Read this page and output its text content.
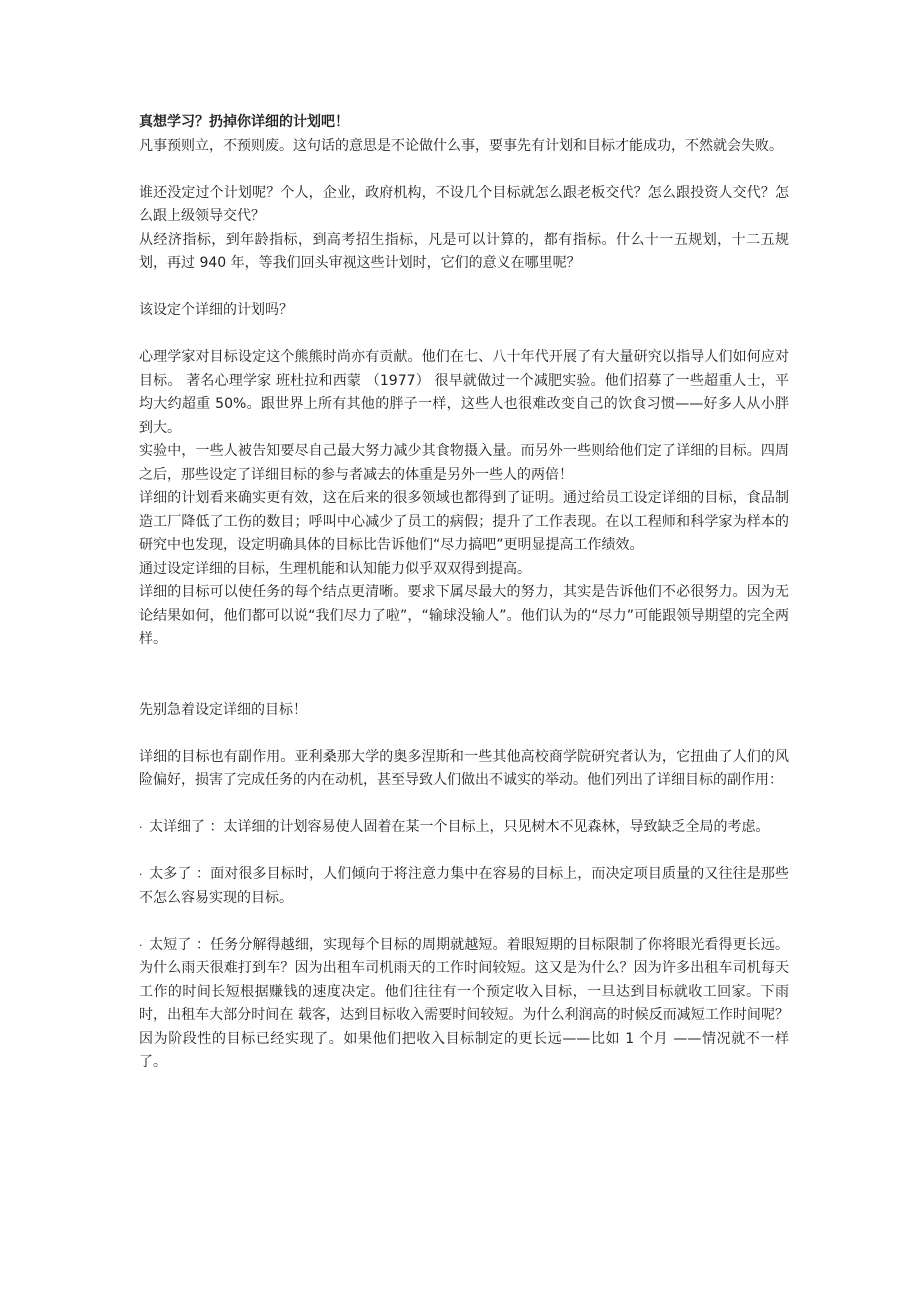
真想学习？扔掉你详细的计划吧！

凡事预则立，不预则废。这句话的意思是不论做什么事，要事先有计划和目标才能成功，不然就会失败。

谁还没定过个计划呢？个人，企业，政府机构，不设几个目标就怎么跟老板交代？怎么跟投资人交代？怎么跟上级领导交代？

从经济指标，到年龄指标，到高考招生指标，凡是可以计算的，都有指标。什么十一五规划，十二五规划，再过 940 年，等我们回头审视这些计划时，它们的意义在哪里呢？

该设定个详细的计划吗？

心理学家对目标设定这个熊熊时尚亦有贡献。他们在七、八十年代开展了有大量研究以指导人们如何应对目标。 著名心理学家 班杜拉和西蒙 （1977） 很早就做过一个减肥实验。他们招募了一些超重人士，平均大约超重 50%。跟世界上所有其他的胖子一样，这些人也很难改变自己的饮食习惯——好多人从小胖到大。

实验中，一些人被告知要尽自己最大努力减少其食物摄入量。而另外一些则给他们定了详细的目标。四周之后，那些设定了详细目标的参与者减去的体重是另外一些人的两倍！

详细的计划看来确实更有效，这在后来的很多领域也都得到了证明。通过给员工设定详细的目标，食品制造工厂降低了工伤的数目；呼叫中心减少了员工的病假；提升了工作表现。在以工程师和科学家为样本的研究中也发现，设定明确具体的目标比告诉他们“尽力搞吧”更明显提高工作绩效。

通过设定详细的目标，生理机能和认知能力似乎双双得到提高。

详细的目标可以使任务的每个结点更清晰。要求下属尽最大的努力，其实是告诉他们不必很努力。因为无论结果如何，他们都可以说“我们尽力了啦”，“输球没输人”。他们认为的“尽力”可能跟领导期望的完全两样。

先别急着设定详细的目标！

详细的目标也有副作用。亚利桑那大学的奥多涅斯和一些其他高校商学院研究者认为，它扭曲了人们的风险偏好，损害了完成任务的内在动机，甚至导致人们做出不诚实的举动。他们列出了详细目标的副作用：

· 太详细了 ：太详细的计划容易使人固着在某一个目标上，只见树木不见森林，导致缺乏全局的考虑。

· 太多了 ：面对很多目标时，人们倾向于将注意力集中在容易的目标上，而决定项目质量的又往往是那些不怎么容易实现的目标。

· 太短了 ：任务分解得越细，实现每个目标的周期就越短。着眼短期的目标限制了你将眼光看得更长远。为什么雨天很难打到车？因为出租车司机雨天的工作时间较短。这又是为什么？因为许多出租车司机每天工作的时间长短根据赚钱的速度决定。他们往往有一个预定收入目标，一旦达到目标就收工回家。下雨时，出租车大部分时间在 载客，达到目标收入需要时间较短。为什么利润高的时候反而减短工作时间呢？因为阶段性的目标已经实现了。如果他们把收入目标制定的更长远——比如 1 个月 ——情况就不一样了。
